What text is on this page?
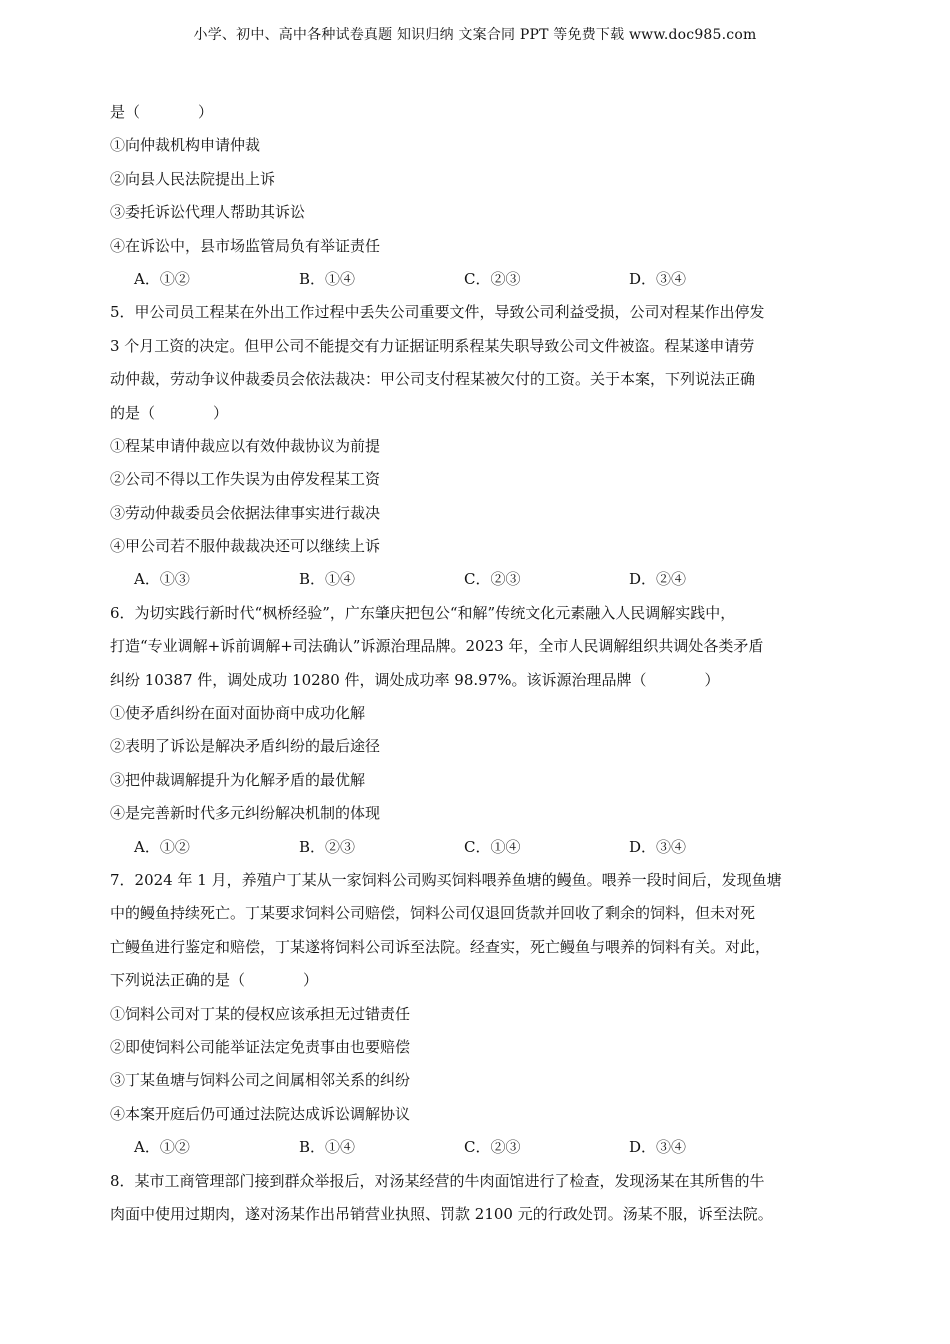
小学、初中、高中各种试卷真题 知识归纳 文案合同 PPT 等免费下载 www.doc985.com
是（	）
①向仲裁机构申请仲裁
②向县人民法院提出上诉
③委托诉讼代理人帮助其诉讼
④在诉讼中，县市场监管局负有举证责任
A．①②	B．①④	C．②③	D．③④
5．甲公司员工程某在外出工作过程中丢失公司重要文件，导致公司利益受损，公司对程某作出停发
3 个月工资的决定。但甲公司不能提交有力证据证明系程某失职导致公司文件被盗。程某遂申请劳
动仲裁，劳动争议仲裁委员会依法裁决：甲公司支付程某被欠付的工资。关于本案，下列说法正确
的是（	）
①程某申请仲裁应以有效仲裁协议为前提
②公司不得以工作失误为由停发程某工资
③劳动仲裁委员会依据法律事实进行裁决
④甲公司若不服仲裁裁决还可以继续上诉
A．①③	B．①④	C．②③	D．②④
6．为切实践行新时代“枫桥经验”，广东肇庆把包公“和解”传统文化元素融入人民调解实践中，
打造“专业调解+诉前调解+司法确认”诉源治理品牌。2023 年，全市人民调解组织共调处各类矛盾
纠纷 10387 件，调处成功 10280 件，调处成功率 98.97%。该诉源治理品牌（	）
①使矛盾纠纷在面对面协商中成功化解
②表明了诉讼是解决矛盾纠纷的最后途径
③把仲裁调解提升为化解矛盾的最优解
④是完善新时代多元纠纷解决机制的体现
A．①②	B．②③	C．①④	D．③④
7．2024 年 1 月，养殖户丁某从一家饲料公司购买饲料喂养鱼塘的鳗鱼。喂养一段时间后，发现鱼塘
中的鳗鱼持续死亡。丁某要求饲料公司赔偿，饲料公司仅退回货款并回收了剩余的饲料，但未对死
亡鳗鱼进行鉴定和赔偿，丁某遂将饲料公司诉至法院。经查实，死亡鳗鱼与喂养的饲料有关。对此，
下列说法正确的是（	）
①饲料公司对丁某的侵权应该承担无过错责任
②即使饲料公司能举证法定免责事由也要赔偿
③丁某鱼塘与饲料公司之间属相邻关系的纠纷
④本案开庭后仍可通过法院达成诉讼调解协议
A．①②	B．①④	C．②③	D．③④
8．某市工商管理部门接到群众举报后，对汤某经营的牛肉面馆进行了检查，发现汤某在其所售的牛
肉面中使用过期肉，遂对汤某作出吊销营业执照、罚款 2100 元的行政处罚。汤某不服，诉至法院。
